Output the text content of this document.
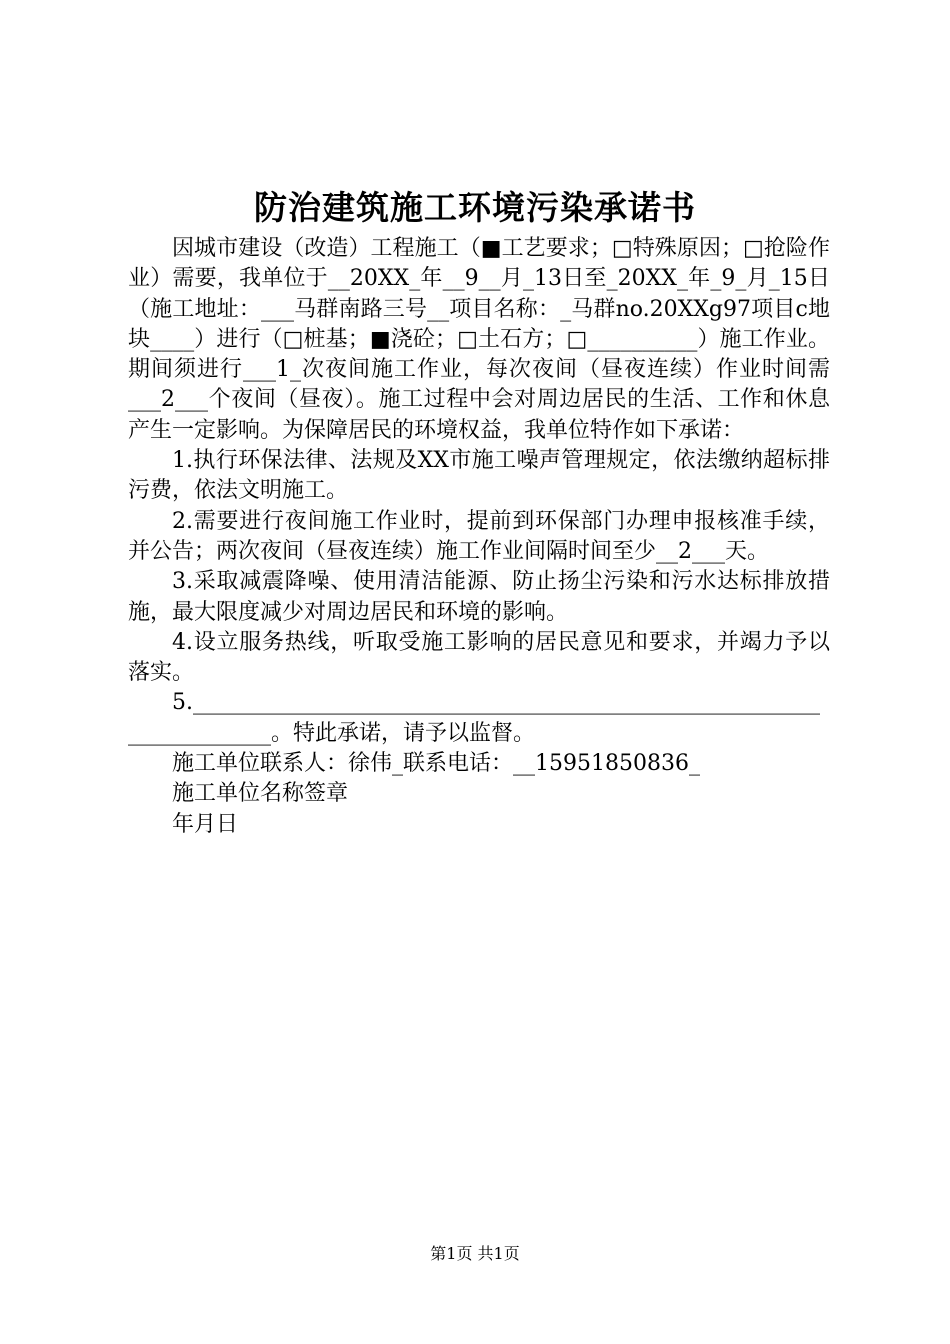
防治建筑施工环境污染承诺书

因城市建设（改造）工程施工（■工艺要求；□特殊原因；□抢险作业）需要，我单位于__20XX_年__9__月_13日至_20XX_年_9_月_15日（施工地址：___马群南路三号__项目名称：_马群no.20XXg97项目c地块____）进行（□桩基；■浇砼；□土石方；□__________）施工作业。期间须进行___1_次夜间施工作业，每次夜间（昼夜连续）作业时间需___2___个夜间（昼夜）。施工过程中会对周边居民的生活、工作和休息产生一定影响。为保障居民的环境权益，我单位特作如下承诺：

1.执行环保法律、法规及XX市施工噪声管理规定，依法缴纳超标排污费，依法文明施工。

2.需要进行夜间施工作业时，提前到环保部门办理申报核准手续，并公告；两次夜间（昼夜连续）施工作业间隔时间至少__2___天。

3.采取减震降噪、使用清洁能源、防止扬尘污染和污水达标排放措施，最大限度减少对周边居民和环境的影响。

4.设立服务热线，听取受施工影响的居民意见和要求，并竭力予以落实。

5.______________________________________________________________________。特此承诺，请予以监督。

施工单位联系人：徐伟_联系电话：__15951850836_

施工单位名称签章

年月日

第1页 共1页
